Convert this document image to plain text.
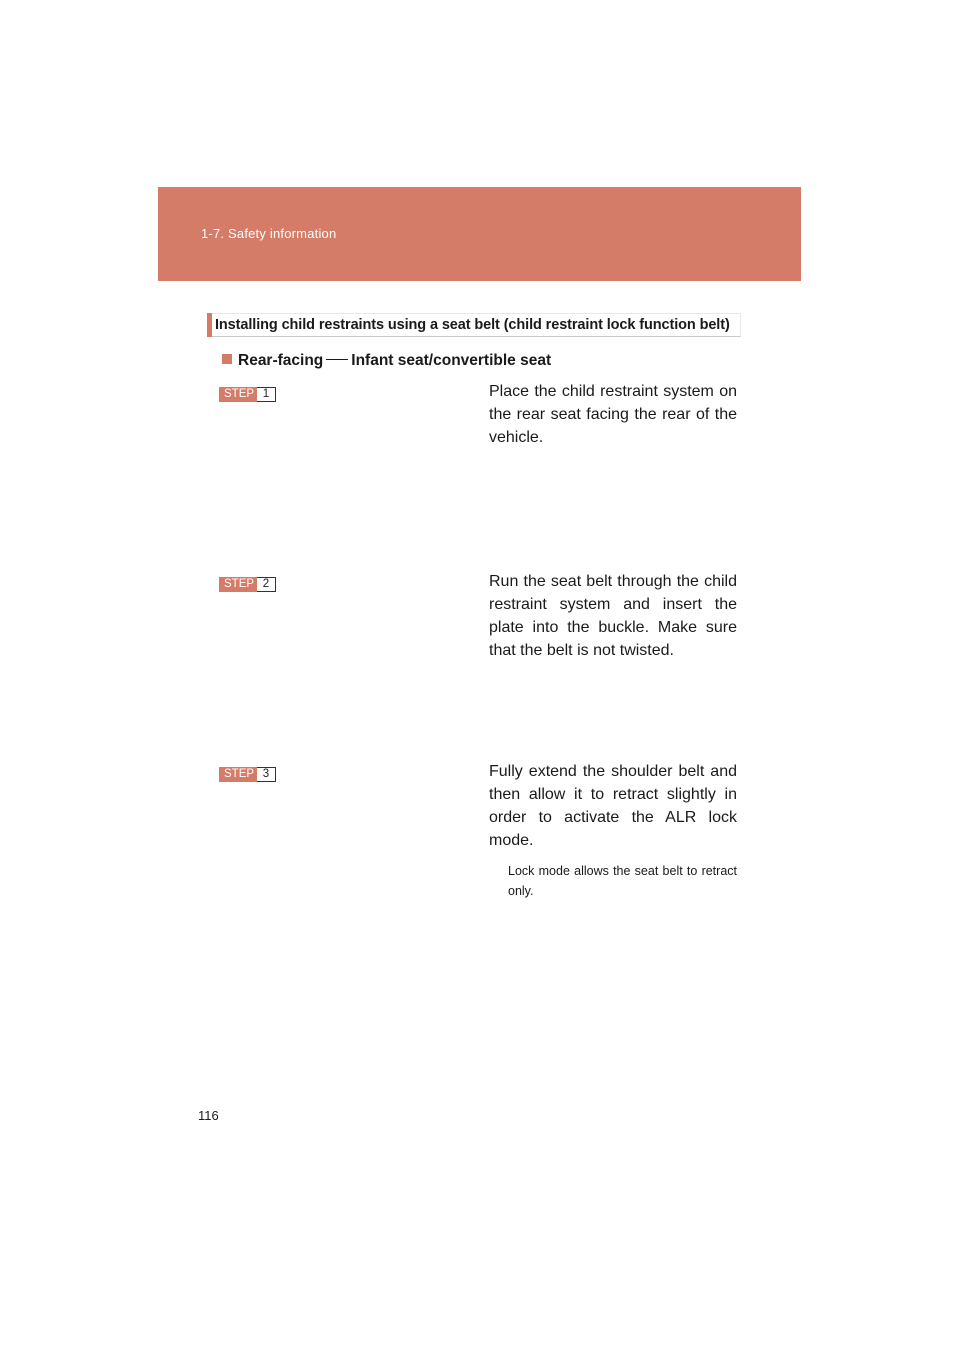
1-7. Safety information
Installing child restraints using a seat belt (child restraint lock function belt)
Rear-facing Infant seat/convertible seat
STEP 1	Place the child restraint system on the rear seat facing the rear of the vehicle.
STEP 2	Run the seat belt through the child restraint system and insert the plate into the buckle. Make sure that the belt is not twisted.
STEP 3	Fully extend the shoulder belt and then allow it to retract slightly in order to activate the ALR lock mode.
Lock mode allows the seat belt to retract only.
116
